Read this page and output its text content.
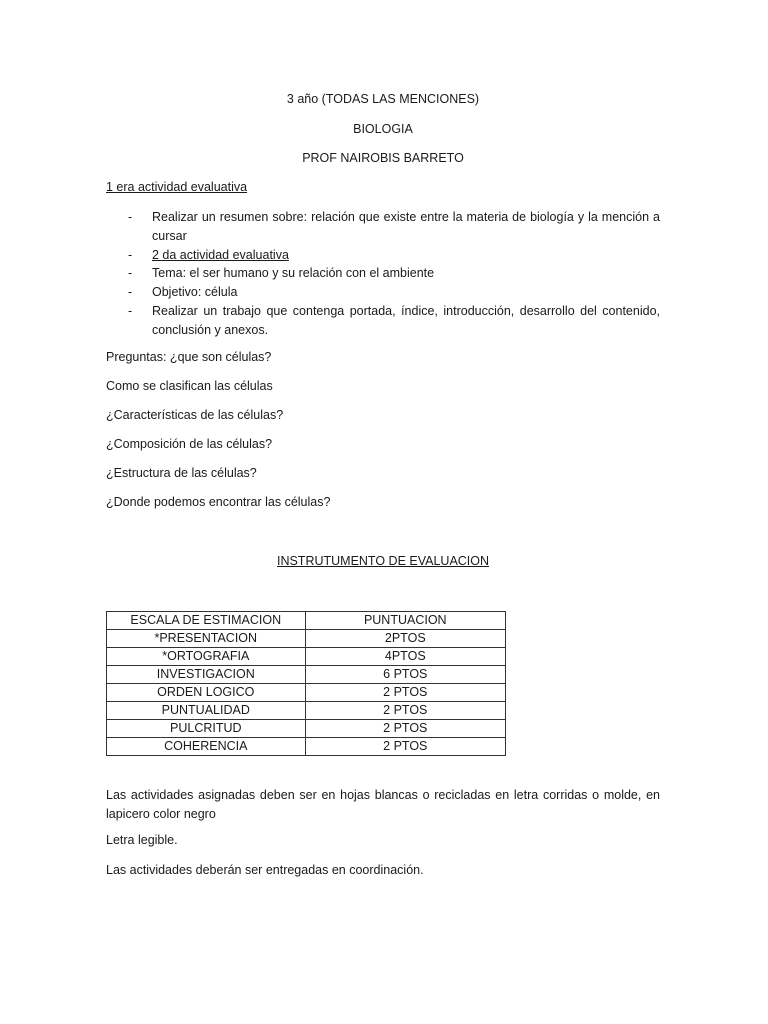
3 año (TODAS LAS MENCIONES)
BIOLOGIA
PROF NAIROBIS BARRETO
1 era actividad evaluativa
- Realizar un resumen sobre: relación que existe entre la materia de biología y la mención a cursar
- 2 da actividad evaluativa
- Tema: el ser humano y su relación con el ambiente
- Objetivo: célula
- Realizar un trabajo que contenga portada, índice, introducción, desarrollo del contenido, conclusión y anexos.
Preguntas: ¿que son células?
Como se clasifican las células
¿Características de las células?
¿Composición de las células?
¿Estructura de las células?
¿Donde podemos encontrar las células?
INSTRUTUMENTO DE EVALUACION
ESCALA DE ESTIMACION	PUNTUACION
*PRESENTACION	2PTOS
*ORTOGRAFIA	4PTOS
INVESTIGACION	6 PTOS
ORDEN LOGICO	2 PTOS
PUNTUALIDAD	2 PTOS
PULCRITUD	2 PTOS
COHERENCIA	2 PTOS
Las actividades asignadas deben ser en hojas blancas o recicladas en letra corridas o molde, en lapicero color negro
Letra legible.
Las actividades deberán ser entregadas en coordinación.
